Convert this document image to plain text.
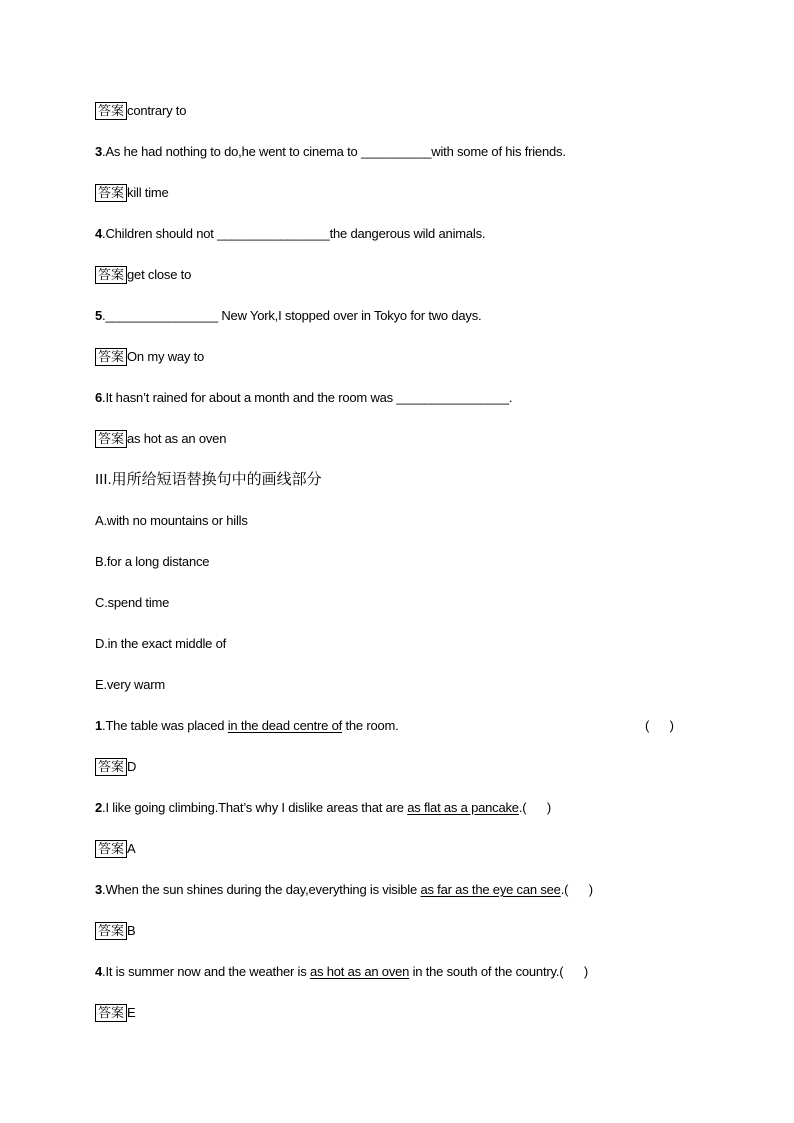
答案 contrary to
3.As he had nothing to do,he went to cinema to __________with some of his friends.
答案 kill time
4.Children should not ________________the dangerous wild animals.
答案 get close to
5.________________ New York,I stopped over in Tokyo for two days.
答案 On my way to
6.It hasn’t rained for about a month and the room was ________________.
答案 as hot as an oven
III.用所给短语替换句中的画线部分
A.with no mountains or hills
B.for a long distance
C.spend time
D.in the exact middle of
E.very warm
1.The table was placed in the dead centre of the room.	(      )
答案 D
2.I like going climbing.That’s why I dislike areas that are as flat as a pancake.(      )
答案 A
3.When the sun shines during the day,everything is visible as far as the eye can see.(      )
答案 B
4.It is summer now and the weather is as hot as an oven in the south of the country.(      )
答案 E
